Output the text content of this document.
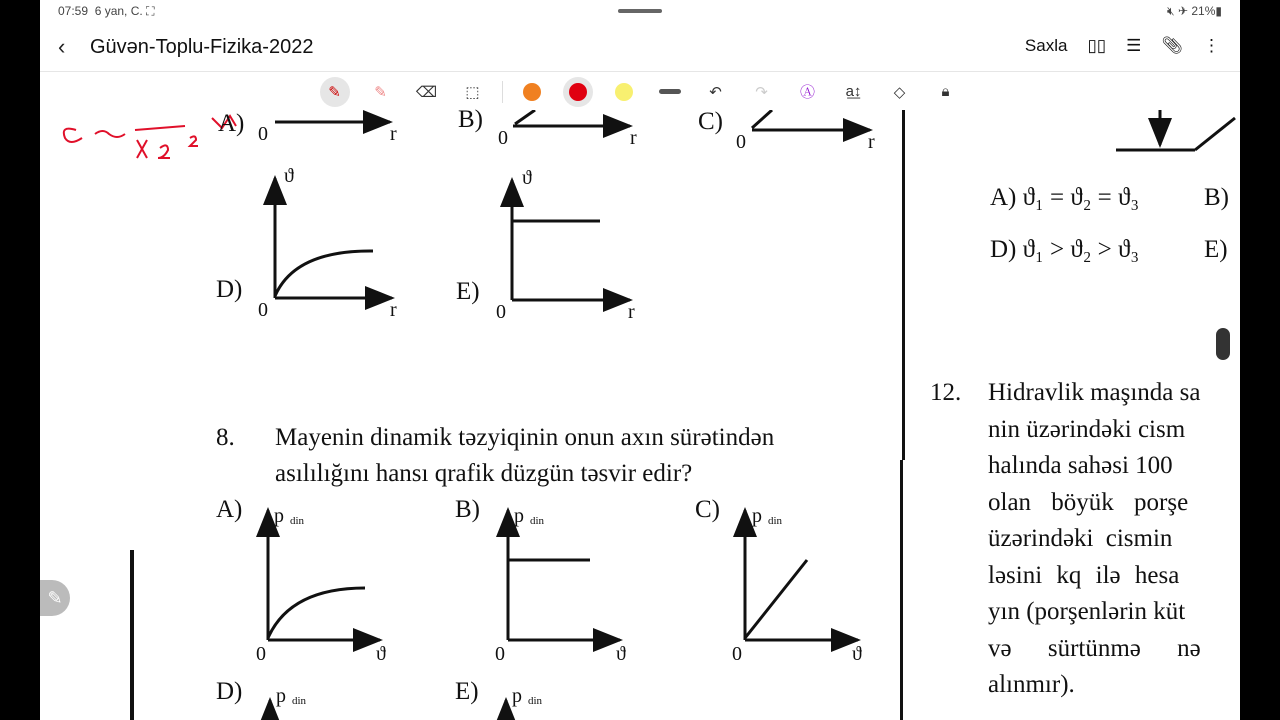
07:59 6 yan, C. ⛶	🔇︎ ✈ 21%▮
‹ Güvən-Toplu-Fizika-2022	Saxla ▯▯ ☰ 📎︎ ⋮
✎	✎	⌫	⬚	↶	↷	Ⓐ	a͟↕	◇	🔒︎
0	r	0	r	0	r
0	r
ϑ
0	r
ϑ
0	ϑ
p din
0	ϑ
p din
0	ϑ
p din
p din	p din
A)	B)	C)
D)	E)
8. Mayenin dinamik təzyiqinin onun axın sürətindən
asılılığını hansı qrafik düzgün təsvir edir?
A)	B)	C)
D)	E)
A) ϑ₁ = ϑ₂ = ϑ₃	B)
D) ϑ₁ > ϑ₂ > ϑ₃	E)
12. Hidravlik maşında sa
nin üzərindəki cism
halında sahəsi 100
olan böyük porşe
üzərindəki cismin
ləsini kq ilə hesa
yın (porşenlərin küt
və sürtünmə nə
alınmır).
✎
